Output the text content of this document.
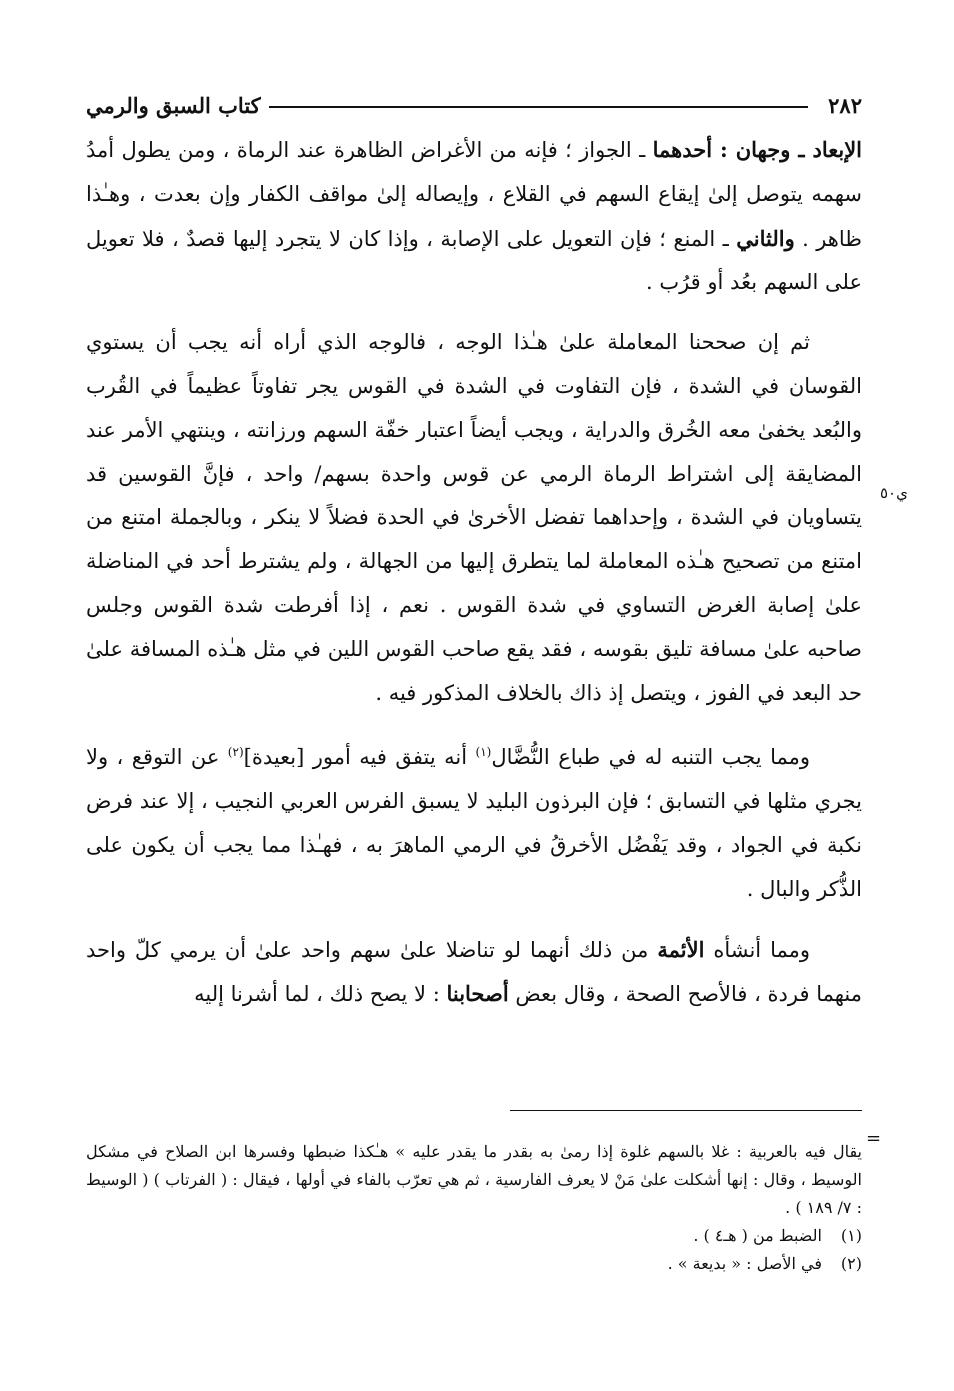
٢٨٢
كتاب السبق والرمي
ي٥٠

الإبعاد ـ وجهان : أحدهما ـ الجواز ؛ فإنه من الأغراض الظاهرة عند الرماة ، ومن يطول أمدُ سهمه يتوصل إلىٰ إيقاع السهم في القلاع ، وإيصاله إلىٰ مواقف الكفار وإن بعدت ، وهـٰذا ظاهر . والثاني ـ المنع ؛ فإن التعويل على الإصابة ، وإذا كان لا يتجرد إليها قصدٌ ، فلا تعويل على السهم بعُد أو قرُب .

ثم إن صححنا المعاملة علىٰ هـٰذا الوجه ، فالوجه الذي أراه أنه يجب أن يستوي القوسان في الشدة ، فإن التفاوت في الشدة في القوس يجر تفاوتاً عظيماً في القُرب والبُعد يخفىٰ معه الخُرق والدراية ، ويجب أيضاً اعتبار خفّة السهم ورزانته ، وينتهي الأمر عند المضايقة إلى اشتراط الرماة الرمي عن قوس واحدة بسهم/ واحد ، فإنَّ القوسين قد يتساويان في الشدة ، وإحداهما تفضل الأخرىٰ في الحدة فضلاً لا ينكر ، وبالجملة امتنع من امتنع من تصحيح هـٰذه المعاملة لما يتطرق إليها من الجهالة ، ولم يشترط أحد في المناضلة علىٰ إصابة الغرض التساوي في شدة القوس . نعم ، إذا أفرطت شدة القوس وجلس صاحبه علىٰ مسافة تليق بقوسه ، فقد يقع صاحب القوس اللين في مثل هـٰذه المسافة علىٰ حد البعد في الفوز ، ويتصل إذ ذاك بالخلاف المذكور فيه .

ومما يجب التنبه له في طباع النُّضَّال$^{(١)}$ أنه يتفق فيه أمور [بعيدة]$^{(٢)}$ عن التوقع ، ولا يجري مثلها في التسابق ؛ فإن البرذون البليد لا يسبق الفرس العربي النجيب ، إلا عند فرض نكبة في الجواد ، وقد يَفْضُل الأخرقُ في الرمي الماهرَ به ، فهـٰذا مما يجب أن يكون على الذُّكر والبال .

ومما أنشأه الأئمة من ذلك أنهما لو تناضلا علىٰ سهم واحد علىٰ أن يرمي كلّ واحد منهما فردة ، فالأصح الصحة ، وقال بعض أصحابنا : لا يصح ذلك ، لما أشرنا إليه

=

يقال فيه بالعربية : غلا بالسهم غلوة إذا رمىٰ به بقدر ما يقدر عليه » هـٰكذا ضبطها وفسرها ابن الصلاح في مشكل الوسيط ، وقال : إنها أشكلت علىٰ مَنْ لا يعرف الفارسية ، ثم هي تعرّب بالفاء في أولها ، فيقال : ( الفرتاب ) ( الوسيط : ٧/ ١٨٩ ) .

(١)
الضبط من ( هـ٤ ) .
(٢)
في الأصل : « بديعة » .
